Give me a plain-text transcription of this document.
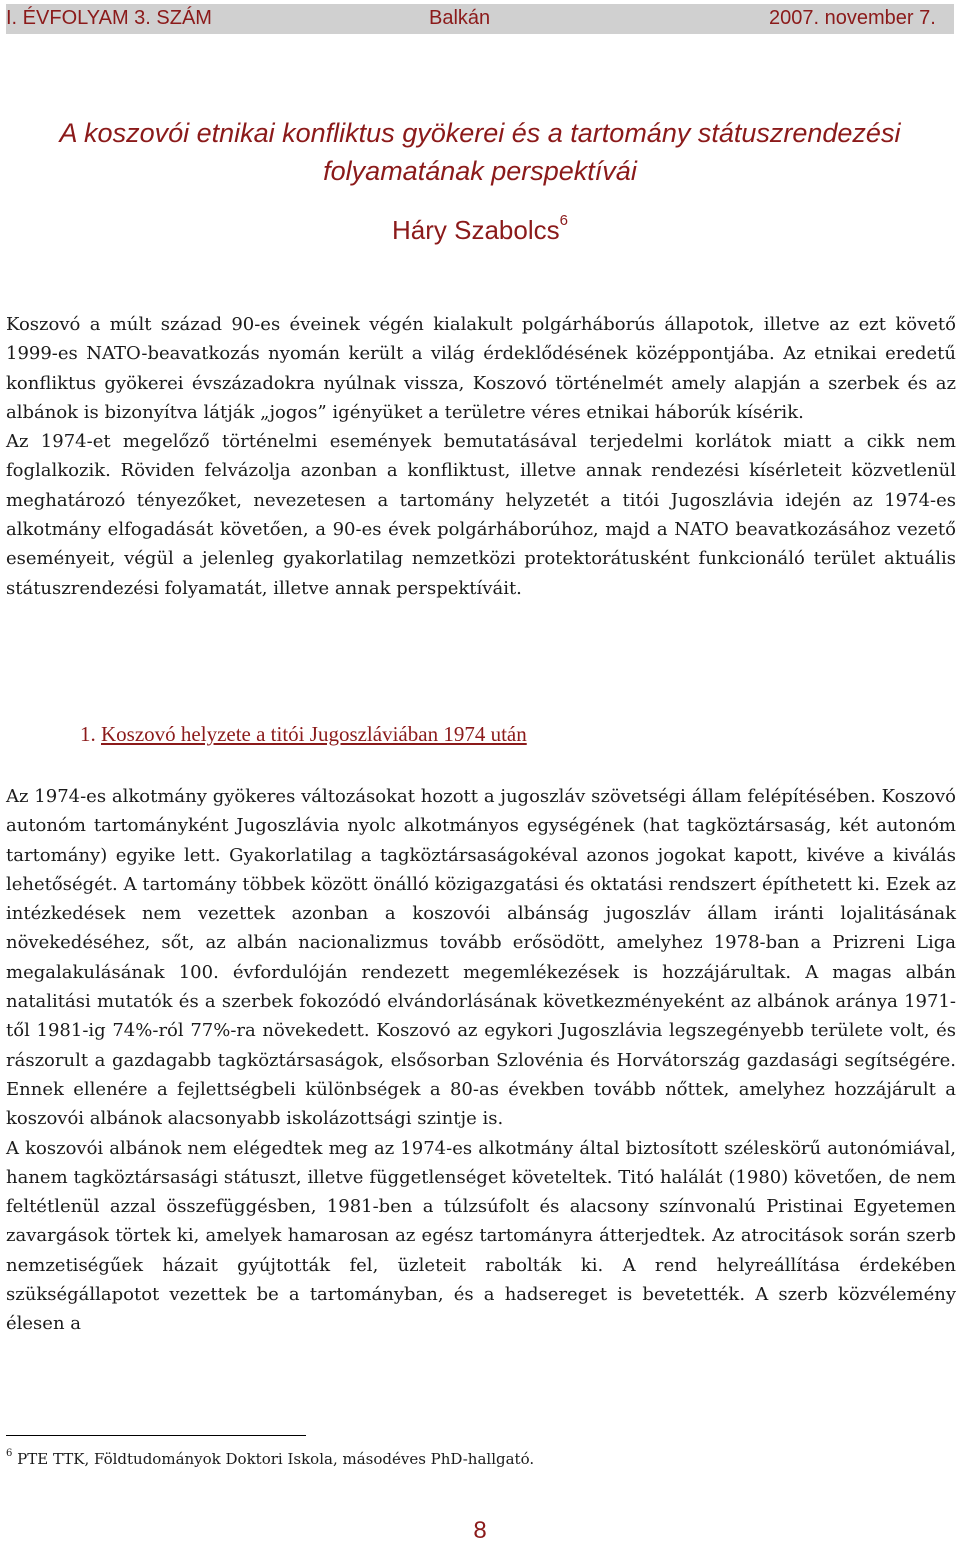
I. ÉVFOLYAM 3. SZÁM	Balkán	2007. november 7.
A koszovói etnikai konfliktus gyökerei és a tartomány státuszrendezési
folyamatának perspektívái
Háry Szabolcs$^6$

Koszovó a múlt század 90-es éveinek végén kialakult polgárháborús állapotok, illetve az ezt követő 1999-es NATO-beavatkozás nyomán került a világ érdeklődésének középpontjába. Az etnikai eredetű konfliktus gyökerei évszázadokra nyúlnak vissza, Koszovó történelmét amely alapján a szerbek és az albánok is bizonyítva látják „jogos” igényüket a területre véres etnikai háborúk kísérik.

Az 1974-et megelőző történelmi események bemutatásával terjedelmi korlátok miatt a cikk nem foglalkozik. Röviden felvázolja azonban a konfliktust, illetve annak rendezési kísérleteit közvetlenül meghatározó tényezőket, nevezetesen a tartomány helyzetét a titói Jugoszlávia idején az 1974-es alkotmány elfogadását követően, a 90-es évek polgárháborúhoz, majd a NATO beavatkozásához vezető eseményeit, végül a jelenleg gyakorlatilag nemzetközi protektorátusként funkcionáló terület aktuális státuszrendezési folyamatát, illetve annak perspektíváit.

1. Koszovó helyzete a titói Jugoszláviában 1974 után

Az 1974-es alkotmány gyökeres változásokat hozott a jugoszláv szövetségi állam felépítésében. Koszovó autonóm tartományként Jugoszlávia nyolc alkotmányos egységének (hat tagköztársaság, két autonóm tartomány) egyike lett. Gyakorlatilag a tagköztársaságokéval azonos jogokat kapott, kivéve a kiválás lehetőségét. A tartomány többek között önálló közigazgatási és oktatási rendszert építhetett ki. Ezek az intézkedések nem vezettek azonban a koszovói albánság jugoszláv állam iránti lojalitásának növekedéséhez, sőt, az albán nacionalizmus tovább erősödött, amelyhez 1978-ban a Prizreni Liga megalakulásának 100. évfordulóján rendezett megemlékezések is hozzájárultak. A magas albán natalitási mutatók és a szerbek fokozódó elvándorlásának következményeként az albánok aránya 1971-től 1981-ig 74%-ról 77%-ra növekedett. Koszovó az egykori Jugoszlávia legszegényebb területe volt, és rászorult a gazdagabb tagköztársaságok, elsősorban Szlovénia és Horvátország gazdasági segítségére. Ennek ellenére a fejlettségbeli különbségek a 80-as években tovább nőttek, amelyhez hozzájárult a koszovói albánok alacsonyabb iskolázottsági szintje is.

A koszovói albánok nem elégedtek meg az 1974-es alkotmány által biztosított széleskörű autonómiával, hanem tagköztársasági státuszt, illetve függetlenséget követeltek. Titó halálát (1980) követően, de nem feltétlenül azzal összefüggésben, 1981-ben a túlzsúfolt és alacsony színvonalú Pristinai Egyetemen zavargások törtek ki, amelyek hamarosan az egész tartományra átterjedtek. Az atrocitások során szerb nemzetiségűek házait gyújtották fel, üzleteit rabolták ki. A rend helyreállítása érdekében szükségállapotot vezettek be a tartományban, és a hadsereget is bevetették. A szerb közvélemény élesen a

$^6$ PTE TTK, Földtudományok Doktori Iskola, másodéves PhD-hallgató.

8
